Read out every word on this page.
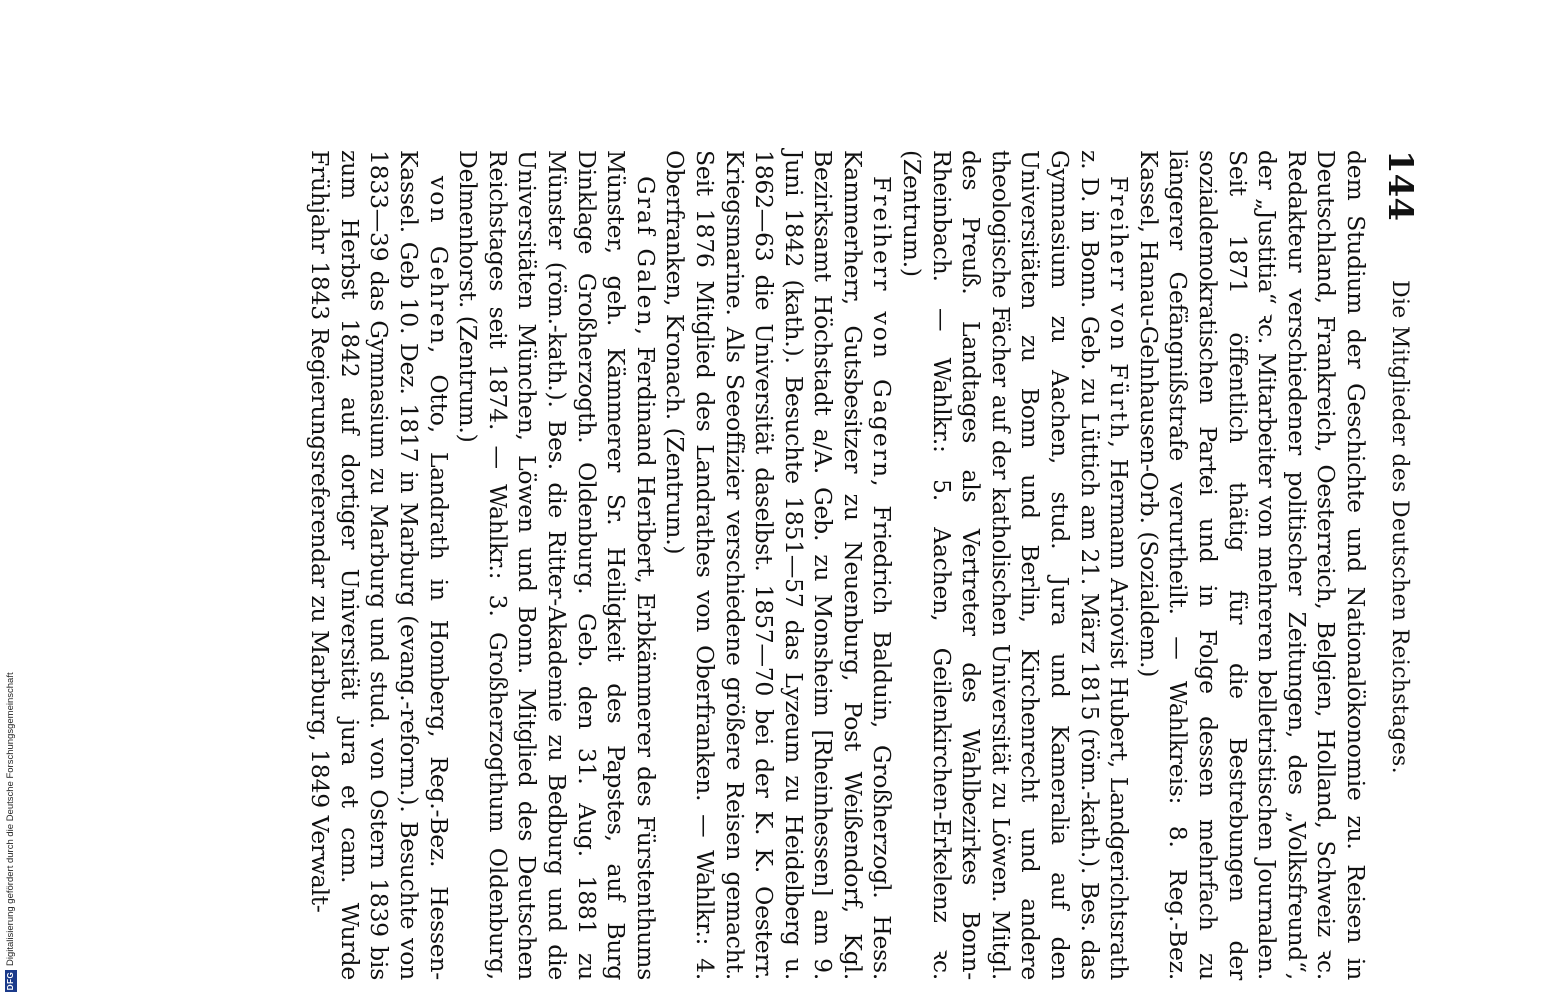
144
Die Mitglieder des Deutschen Reichstages.

dem Studium der Geschichte und Nationalökonomie zu. Reisen in Deutschland, Frankreich, Oesterreich, Belgien, Holland, Schweiz ꝛc. Redakteur verschiedener politischer Zeitungen, des „Volksfreund“, der „Justitia“ ꝛc. Mitarbeiter von mehreren belletristischen Journalen. Seit 1871 öffentlich thätig für die Bestrebungen der sozialdemokratischen Partei und in Folge dessen mehrfach zu längerer Gefängnißstrafe verurtheilt. — Wahlkreis: 8. Reg.-Bez. Kassel, Hanau-Gelnhausen-Orb. (Sozialdem.)

Freiherr von Fürth, Hermann Ariovist Hubert, Landgerichtsrath z. D. in Bonn. Geb. zu Lüttich am 21. März 1815 (röm.-kath.). Bes. das Gymnasium zu Aachen, stud. Jura und Kameralia auf den Universitäten zu Bonn und Berlin, Kirchenrecht und andere theologische Fächer auf der katholischen Universität zu Löwen. Mitgl. des Preuß. Landtages als Vertreter des Wahlbezirkes Bonn-Rheinbach. — Wahlkr.: 5. Aachen, Geilenkirchen-Erkelenz ꝛc. (Zentrum.)

Freiherr von Gagern, Friedrich Balduin, Großherzogl. Hess. Kammerherr, Gutsbesitzer zu Neuenburg, Post Weißendorf, Kgl. Bezirksamt Höchstadt a/A. Geb. zu Monsheim [Rheinhessen] am 9. Juni 1842 (kath.). Besuchte 1851—57 das Lyzeum zu Heidelberg u. 1862—63 die Universität daselbst. 1857—70 bei der K. K. Oesterr. Kriegsmarine. Als Seeoffizier verschiedene größere Reisen gemacht. Seit 1876 Mitglied des Landrathes von Oberfranken. — Wahlkr.: 4. Oberfranken, Kronach. (Zentrum.)

Graf Galen, Ferdinand Heribert, Erbkämmerer des Fürstenthums Münster, geh. Kämmerer Sr. Heiligkeit des Papstes, auf Burg Dinklage Großherzogth. Oldenburg. Geb. den 31. Aug. 1881 zu Münster (röm.-kath.). Bes. die Ritter-Akademie zu Bedburg und die Universitäten München, Löwen und Bonn. Mitglied des Deutschen Reichstages seit 1874. — Wahlkr.: 3. Großherzogthum Oldenburg, Delmenhorst. (Zentrum.)

von Gehren, Otto, Landrath in Homberg, Reg.-Bez. Hessen-Kassel. Geb 10. Dez. 1817 in Marburg (evang.-reform.). Besuchte von 1833—39 das Gymnasium zu Marburg und stud. von Ostern 1839 bis zum Herbst 1842 auf dortiger Universität jura et cam. Wurde Frühjahr 1843 Regierungsreferendar zu Marburg, 1849 Verwalt-

DFG
Digitalisierung gefördert durch die Deutsche Forschungsgemeinschaft
